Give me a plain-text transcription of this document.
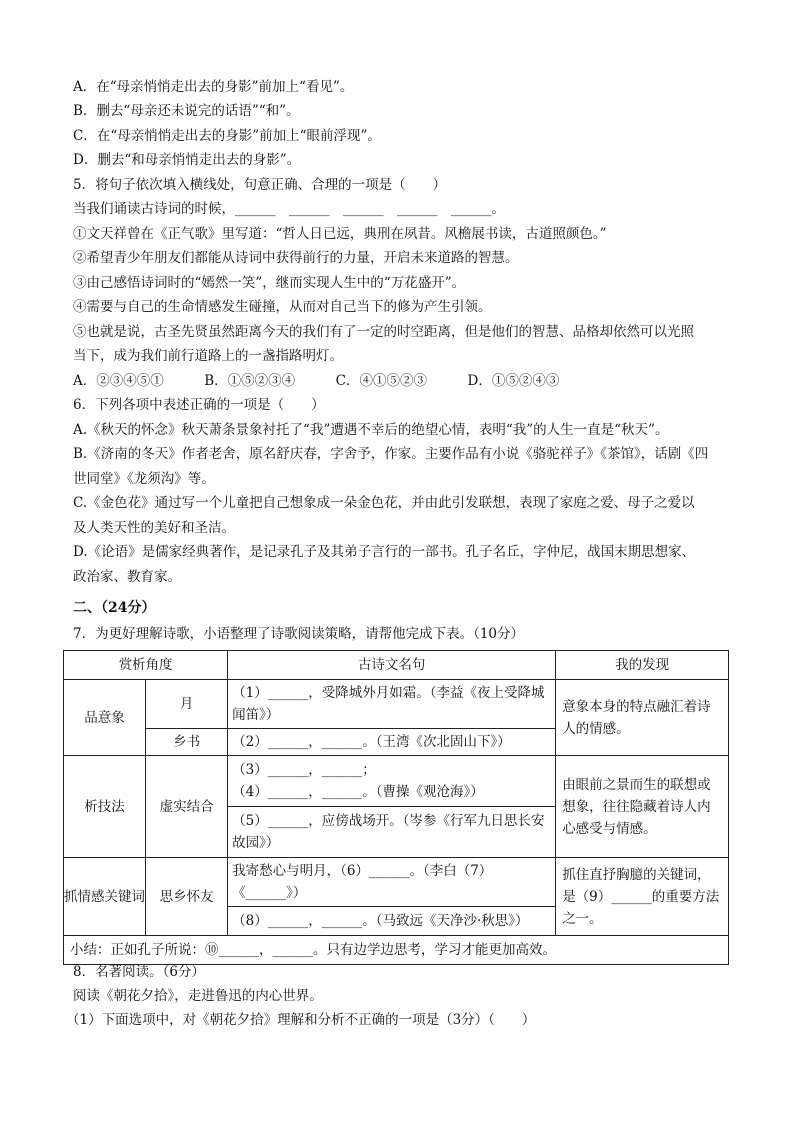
A．在“母亲悄悄走出去的身影”前加上“看见”。
B．删去“母亲还未说完的话语”“和”。
C．在“母亲悄悄走出去的身影”前加上“眼前浮现”。
D．删去“和母亲悄悄走出去的身影”。
5．将句子依次填入横线处，句意正确、合理的一项是（　　）
当我们诵读古诗词的时候，______　______　______　______　______。
①文天祥曾在《正气歌》里写道：“哲人日已远，典刑在夙昔。风檐展书读，古道照颜色。”
②希望青少年朋友们都能从诗词中获得前行的力量，开启未来道路的智慧。
③由己感悟诗词时的“嫣然一笑”，继而实现人生中的“万花盛开”。
④需要与自己的生命情感发生碰撞，从而对自己当下的修为产生引领。
⑤也就是说，古圣先贤虽然距离今天的我们有了一定的时空距离，但是他们的智慧、品格却依然可以光照
当下，成为我们前行道路上的一盏指路明灯。
A．②③④⑤①　　　B．①⑤②③④　　　C．④①⑤②③　　　D．①⑤②④③
6．下列各项中表述正确的一项是（　　）
A.《秋天的怀念》秋天萧条景象衬托了“我”遭遇不幸后的绝望心情，表明“我”的人生一直是“秋天”。
B.《济南的冬天》作者老舍，原名舒庆春，字舍予，作家。主要作品有小说《骆驼祥子》《茶馆》，话剧《四
世同堂》《龙须沟》等。
C.《金色花》通过写一个儿童把自己想象成一朵金色花，并由此引发联想，表现了家庭之爱、母子之爱以
及人类天性的美好和圣洁。
D.《论语》是儒家经典著作，是记录孔子及其弟子言行的一部书。孔子名丘，字仲尼，战国末期思想家、
政治家、教育家。
二、（24分）
7．为更好理解诗歌，小语整理了诗歌阅读策略，请帮他完成下表。（10分）
赏析角度		古诗文名句	我的发现
品意象	月	（1）______，受降城外月如霜。（李益《夜上受降城闻笛》）	意象本身的特点融汇着诗人的情感。
	乡书	（2）______，______。（王湾《次北固山下》）	
析技法	虚实结合	（3）______，______；
（4）______，______。（曹操《观沧海》）	由眼前之景而生的联想或想象，往往隐藏着诗人内心感受与情感。
		（5）______，应傍战场开。（岑参《行军九日思长安故园》）	
抓情感关键词	思乡怀友	我寄愁心与明月，（6）______。（李白（7）《______》）	抓住直抒胸臆的关键词，是（9）______的重要方法之一。
		（8）______，______。（马致远《天净沙·秋思》）	
小结：正如孔子所说：⑩______，______。只有边学边思考，学习才能更加高效。			
8．名著阅读。（6分）
阅读《朝花夕拾》，走进鲁迅的内心世界。
（1）下面选项中，对《朝花夕拾》理解和分析不正确的一项是（3分）（　　）
